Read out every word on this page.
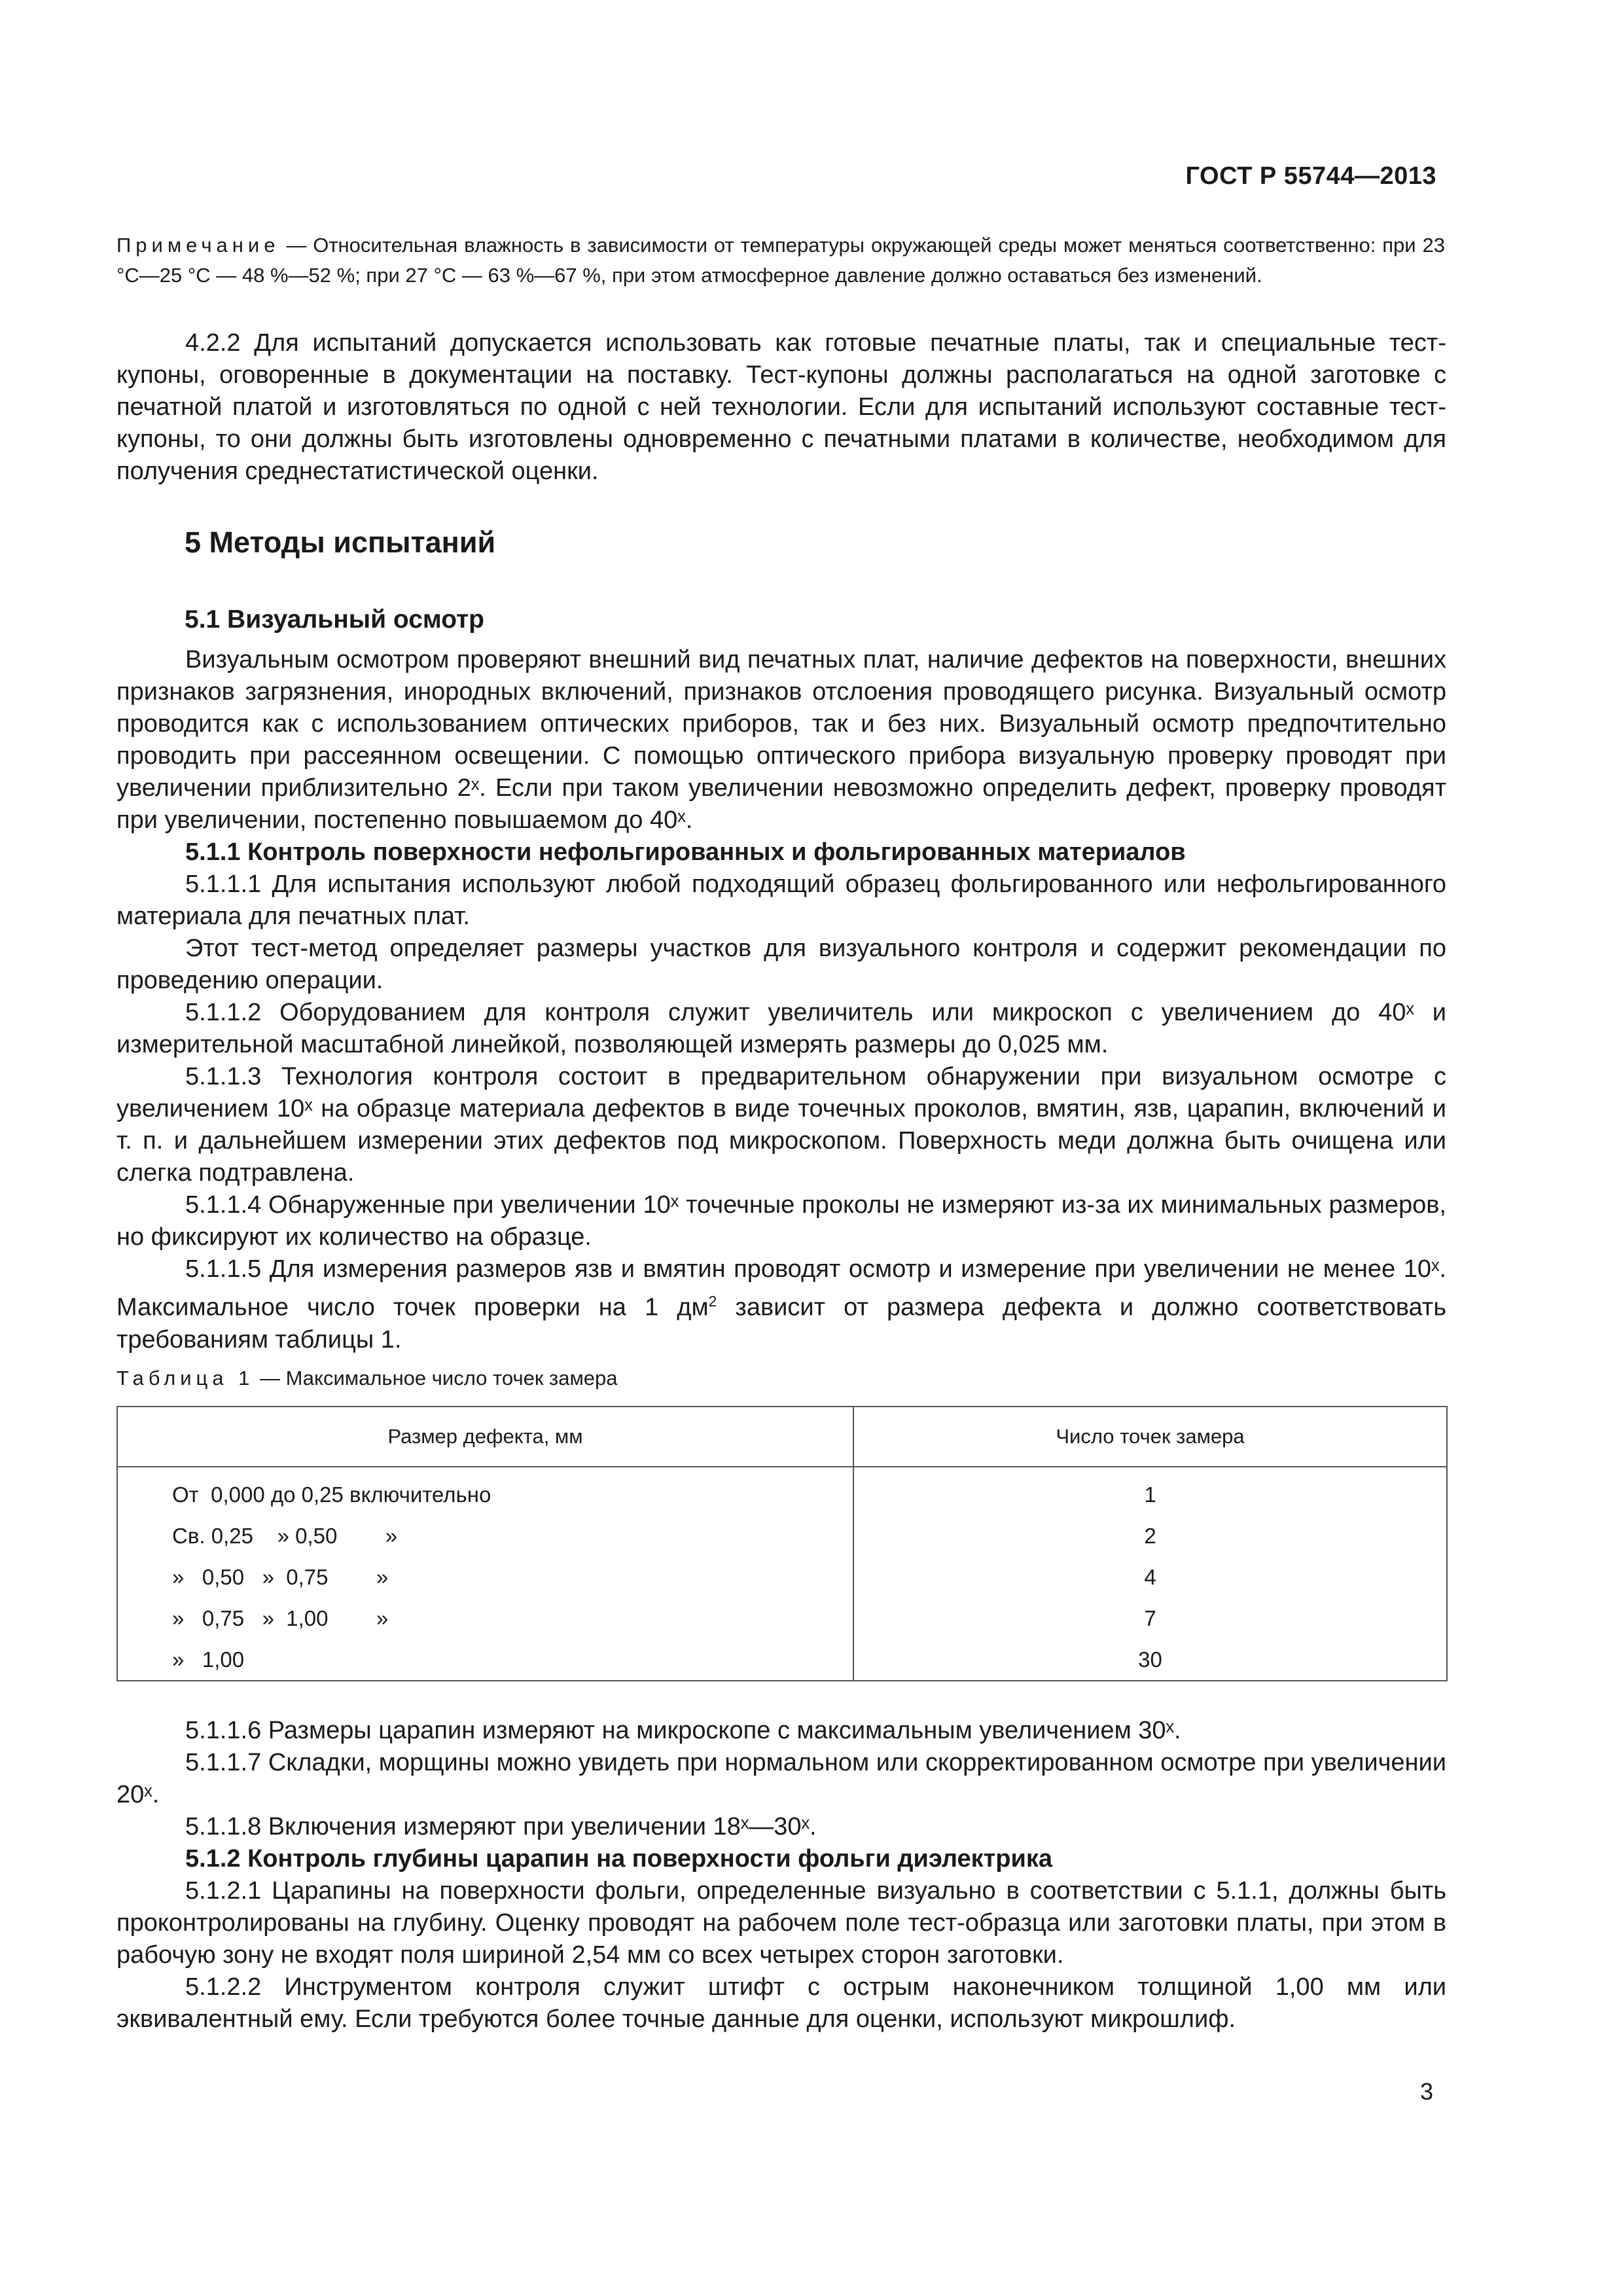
ГОСТ Р 55744—2013
Примечание — Относительная влажность в зависимости от температуры окружающей среды может меняться соответственно: при 23 °С—25 °С — 48 %—52 %; при 27 °С — 63 %—67 %, при этом атмосферное давление должно оставаться без изменений.

4.2.2 Для испытаний допускается использовать как готовые печатные платы, так и специальные тест-купоны, оговоренные в документации на поставку. Тест-купоны должны располагаться на одной заготовке с печатной платой и изготовляться по одной с ней технологии. Если для испытаний используют составные тест-купоны, то они должны быть изготовлены одновременно с печатными платами в количестве, необходимом для получения среднестатистической оценки.

5 Методы испытаний
5.1 Визуальный осмотр

Визуальным осмотром проверяют внешний вид печатных плат, наличие дефектов на поверхности, внешних признаков загрязнения, инородных включений, признаков отслоения проводящего рисунка. Визуальный осмотр проводится как с использованием оптических приборов, так и без них. Визуальный осмотр предпочтительно проводить при рассеянном освещении. С помощью оптического прибора визуальную проверку проводят при увеличении приблизительно 2ˣ. Если при таком увеличении невозможно определить дефект, проверку проводят при увеличении, постепенно повышаемом до 40ˣ.

5.1.1 Контроль поверхности нефольгированных и фольгированных материалов

5.1.1.1 Для испытания используют любой подходящий образец фольгированного или нефольгированного материала для печатных плат.

Этот тест-метод определяет размеры участков для визуального контроля и содержит рекомендации по проведению операции.

5.1.1.2 Оборудованием для контроля служит увеличитель или микроскоп с увеличением до 40ˣ и измерительной масштабной линейкой, позволяющей измерять размеры до 0,025 мм.

5.1.1.3 Технология контроля состоит в предварительном обнаружении при визуальном осмотре с увеличением 10ˣ на образце материала дефектов в виде точечных проколов, вмятин, язв, царапин, включений и т. п. и дальнейшем измерении этих дефектов под микроскопом. Поверхность меди должна быть очищена или слегка подтравлена.

5.1.1.4 Обнаруженные при увеличении 10ˣ точечные проколы не измеряют из-за их минимальных размеров, но фиксируют их количество на образце.

5.1.1.5 Для измерения размеров язв и вмятин проводят осмотр и измерение при увеличении не менее 10ˣ. Максимальное число точек проверки на 1 $дм^2$ зависит от размера дефекта и должно соответствовать требованиям таблицы 1.

Таблица 1 — Максимальное число точек замера
Размер дефекта, мм	Число точек замера
От  0,000 до 0,25 включительно	1
Св. 0,25    » 0,50        »	2
»   0,50   »  0,75        »	4
»   0,75   »  1,00        »	7
»   1,00	30

5.1.1.6 Размеры царапин измеряют на микроскопе с максимальным увеличением 30ˣ.

5.1.1.7 Складки, морщины можно увидеть при нормальном или скорректированном осмотре при увеличении 20ˣ.

5.1.1.8 Включения измеряют при увеличении 18ˣ—30ˣ.

5.1.2 Контроль глубины царапин на поверхности фольги диэлектрика

5.1.2.1 Царапины на поверхности фольги, определенные визуально в соответствии с 5.1.1, должны быть проконтролированы на глубину. Оценку проводят на рабочем поле тест-образца или заготовки платы, при этом в рабочую зону не входят поля шириной 2,54 мм со всех четырех сторон заготовки.

5.1.2.2 Инструментом контроля служит штифт с острым наконечником толщиной 1,00 мм или эквивалентный ему. Если требуются более точные данные для оценки, используют микрошлиф.

3
